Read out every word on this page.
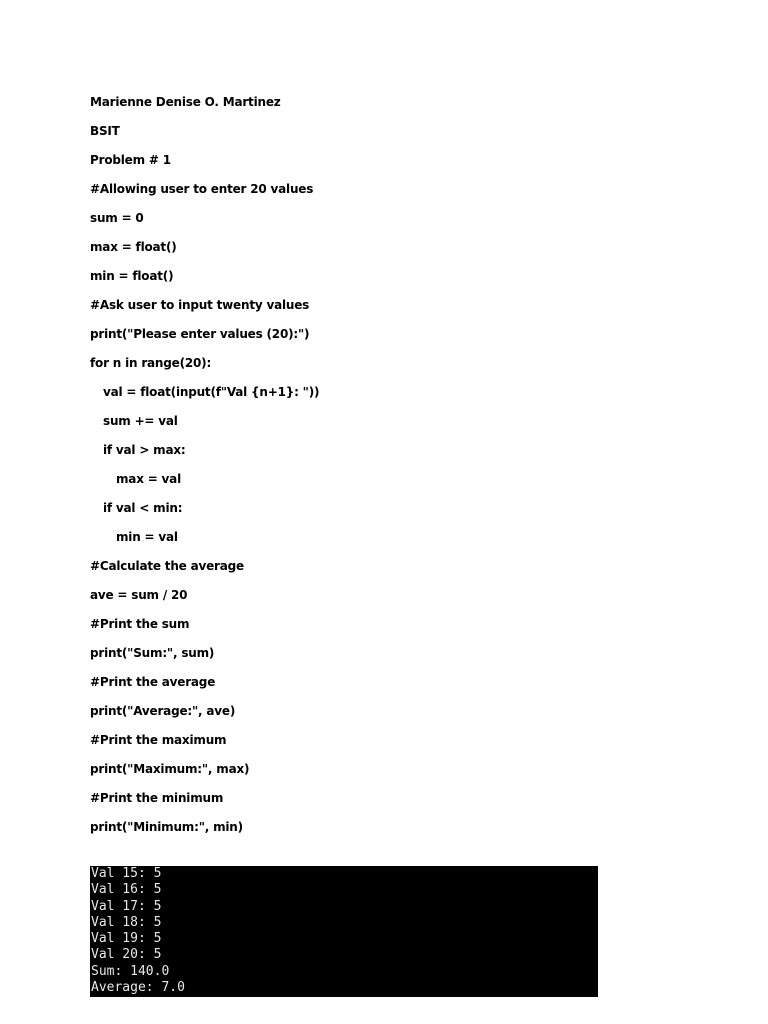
Marienne Denise O. Martinez
BSIT
Problem # 1
#Allowing user to enter 20 values
sum = 0
max = float()
min = float()
#Ask user to input twenty values
print("Please enter values (20):")
for n in range(20):
val = float(input(f"Val {n+1}: "))
sum += val
if val > max:
max = val
if val < min:
min = val
#Calculate the average
ave = sum / 20
#Print the sum
print("Sum:", sum)
#Print the average
print("Average:", ave)
#Print the maximum
print("Maximum:", max)
#Print the minimum
print("Minimum:", min)
Val 15: 5
Val 16: 5
Val 17: 5
Val 18: 5
Val 19: 5
Val 20: 5
Sum: 140.0
Average: 7.0
